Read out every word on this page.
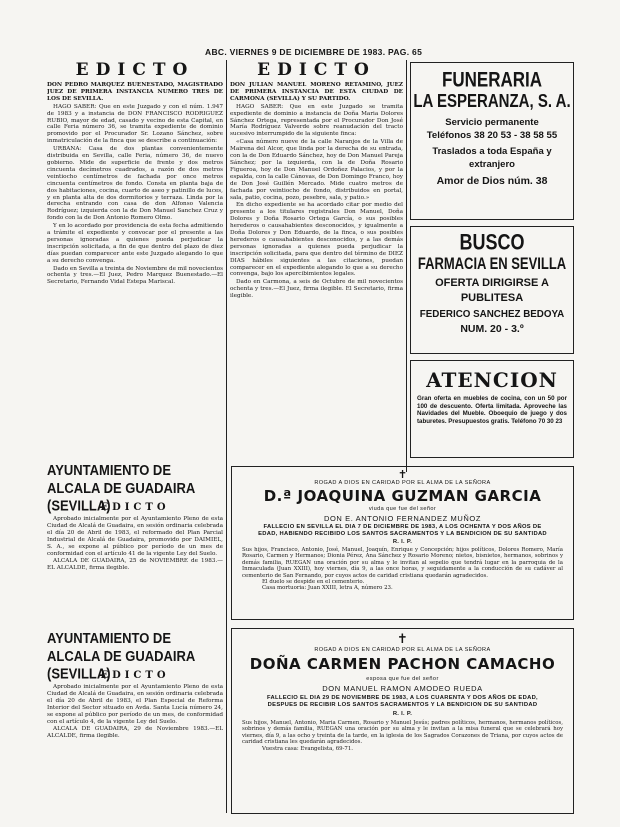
ABC. VIERNES 9 DE DICIEMBRE DE 1983. PAG. 65
EDICTO

DON PEDRO MARQUEZ BUENESTADO, MAGISTRADO JUEZ DE PRIMERA INSTANCIA NUMERO TRES DE LOS DE SEVILLA.

HAGO SABER: Que en este Juzgado y con el núm. 1.947 de 1983 y a instancia de DON FRANCISCO RODRIGUEZ RUBIO, mayor de edad, casado y vecino de esta Capital, en calle Feria número 36, se tramita expediente de dominio promovido por el Procurador Sr. Lozano Sánchez, sobre inmatriculación de la finca que se describe a continuación:

URBANA: Casa de dos plantas convenientemente distribuida en Sevilla, calle Feria, número 36, de nuevo gobierno. Mide de superficie de frente y dos metros cincuenta decímetros cuadrados, a razón de dos metros veintiocho centímetros de fachada por once metros cincuenta centímetros de fondo. Consta en planta baja de dos habitaciones, cocina, cuarto de aseo y patinillo de luces, y en planta alta de dos dormitorios y terraza. Linda por la derecha entrando con casa de don Alfonso Valencia Rodríguez; izquierda con la de Don Manuel Sanchez Cruz y fondo con la de Don Antonio Romero Olmo.

Y en lo acordado por providencia de esta fecha admitiendo a trámite el expediente y convocar por el presente a las personas ignoradas a quienes pueda perjudicar la inscripción solicitada, a fin de que dentro del plazo de diez días puedan comparecer ante este Juzgado alegando lo que a su derecho convenga.

Dado en Sevilla a treinta de Noviembre de mil novecientos ochenta y tres.—El Juez, Pedro Marquez Buenestado.—El Secretario, Fernando Vidal Estepa Mariscal.

EDICTO

DON JULIAN MANUEL MORENO RETAMINO, JUEZ DE PRIMERA INSTANCIA DE ESTA CIUDAD DE CARMONA (SEVILLA) Y SU PARTIDO.

HAGO SABER: Que en este Juzgado se tramita expediente de dominio a instancia de Doña Maria Dolores Sánchez Ortega, representada por el Procurador Don José María Rodríguez Valverde sobre reanudación del tracto sucesivo interrumpido de la siguiente finca:

«Casa número nueve de la calle Naranjos de la Villa de Mairena del Alcor, que linda por la derecha de su entrada, con la de Don Eduardo Sánchez, hoy de Don Manuel Pareja Sánchez; por la izquierda, con la de Doña Rosario Figueroa, hoy de Don Manuel Ordoñez Palacios, y por la espalda, con la calle Cánovas, de Don Domingo Franco, hoy de Don José Guillén Mercado. Mide cuatro metros de fachada por veintiocho de fondo, distribuidos en portal, sala, patio, cocina, pozo, pesebre, sala, y patio.»

En dicho expediente se ha acordado citar por medio del presente a los titulares registrales Don Manuel, Doña Dolores y Doña Rosario Ortega García, o sus posibles herederos o causahabientes desconocidos, y igualmente a Doña Dolores y Don Eduardo, de la finca, o sus posibles herederos o causahabientes desconocidos, y a las demás personas ignoradas a quienes pueda perjudicar la inscripción solicitada, para que dentro del término de DIEZ DIAS hábiles siguientes a las citaciones, puedan comparecer en el expediente alegando lo que a su derecho convenga, bajo los apercibimientos legales.

Dado en Carmona, a seis de Octubre de mil novecientos ochenta y tres.—El Juez, firma ilegible. El Secretario, firma ilegible.

FUNERARIA

LA ESPERANZA, S. A.

Servicio permanente

Teléfonos 38 20 53 - 38 58 55

Traslados a toda España y extranjero

Amor de Dios núm. 38

BUSCO

FARMACIA EN SEVILLA

OFERTA DIRIGIRSE A PUBLITESA

FEDERICO SANCHEZ BEDOYA

NUM. 20 - 3.º

ATENCION

Gran oferta en muebles de cocina, con un 50 por 100 de descuento. Oferta limitada. Aproveche las Navidades del Mueble. Oboequio de juego y dos taburetes. Presupuestos gratis. Teléfono 70 30 23

AYUNTAMIENTO DE ALCALA DE GUADAIRA (SEVILLA)
EDICTO

Aprobado inicialmente por el Ayuntamiento Pleno de esta Ciudad de Alcalá de Guadaira, en sesión ordinaria celebrada el día 20 de Abril de 1983, el reformado del Plan Parcial Industrial de Alcalá de Guadaira, promovido por DAIMIEL, S. A., se expone al público por período de un mes de conformidad con el artículo 41 de la vigente Ley del Suelo.

ALCALA DE GUADAIRA, 25 de NOVIEMBRE de 1983.— EL ALCALDE, firma ilegible.

AYUNTAMIENTO DE ALCALA DE GUADAIRA (SEVILLA)
EDICTO

Aprobado inicialmente por el Ayuntamiento Pleno de esta Ciudad de Alcalá de Guadaira, en sesión ordinaria celebrada el día 20 de Abril de 1983, el Plan Especial de Reforma Interior del Sector situado en Avda. Santa Lucía número 24, se expone al público por período de un mes, de conformidad con el artículo 4, de la vigente Ley del Suelo.

ALCALA DE GUADAIRA, 29 de Noviembre 1983.—EL ALCALDE, firma ilegible.

✝
ROGAD A DIOS EN CARIDAD POR EL ALMA DE LA SEÑORA
D.ª JOAQUINA GUZMAN GARCIA
viuda que fue del señor
DON E. ANTONIO FERNANDEZ MUÑOZ
FALLECIO EN SEVILLA EL DIA 7 DE DICIEMBRE DE 1983, A LOS OCHENTA Y DOS AÑOS DE EDAD, HABIENDO RECIBIDO LOS SANTOS SACRAMENTOS Y LA BENDICION DE SU SANTIDAD
R. I. P.
Sus hijos, Francisco, Antonio, José, Manuel, Joaquín, Enrique y Concepción; hijos políticos, Dolores Romero, María Rosario, Carmen y Hermanos; Dionia Pérez, Ana Sánchez y Rosario Moreno; nietos, bisnietos, hermanos, sobrinos y demás familia, RUEGAN una oración por su alma y le invitan al sepelio que tendrá lugar en la parroquia de la Inmaculada (Juan XXIII), hoy viernes, día 9, a las once horas, y seguidamente a la conducción de su cadáver al cementerio de San Fernando, por cuyos actos de caridad cristiana quedarán agradecidos.
El duelo se despide en el cementerio.
Casa mortuoria: Juan XXIII, letra A, número 23.
✝
ROGAD A DIOS EN CARIDAD POR EL ALMA DE LA SEÑORA
DOÑA CARMEN PACHON CAMACHO
esposa que fue del señor
DON MANUEL RAMON AMODEO RUEDA
FALLECIO EL DIA 29 DE NOVIEMBRE DE 1983, A LOS CUARENTA Y DOS AÑOS DE EDAD, DESPUES DE RECIBIR LOS SANTOS SACRAMENTOS Y LA BENDICION DE SU SANTIDAD
R. I. P.
Sus hijos, Manuel, Antonio, Maria Carmen, Rosario y Manuel Jesús; padres políticos, hermanos, hermanos políticos, sobrinos y demás familia, RUEGAN una oración por su alma y le invitan a la misa funeral que se celebrará hoy viernes, día 9, a las ocho y treinta de la tarde, en la iglesia de los Sagrados Corazones de Triana, por cuyos actos de caridad cristiana les quedarán agradecidos.
Vuestra casa: Evangelista, 69-71.
